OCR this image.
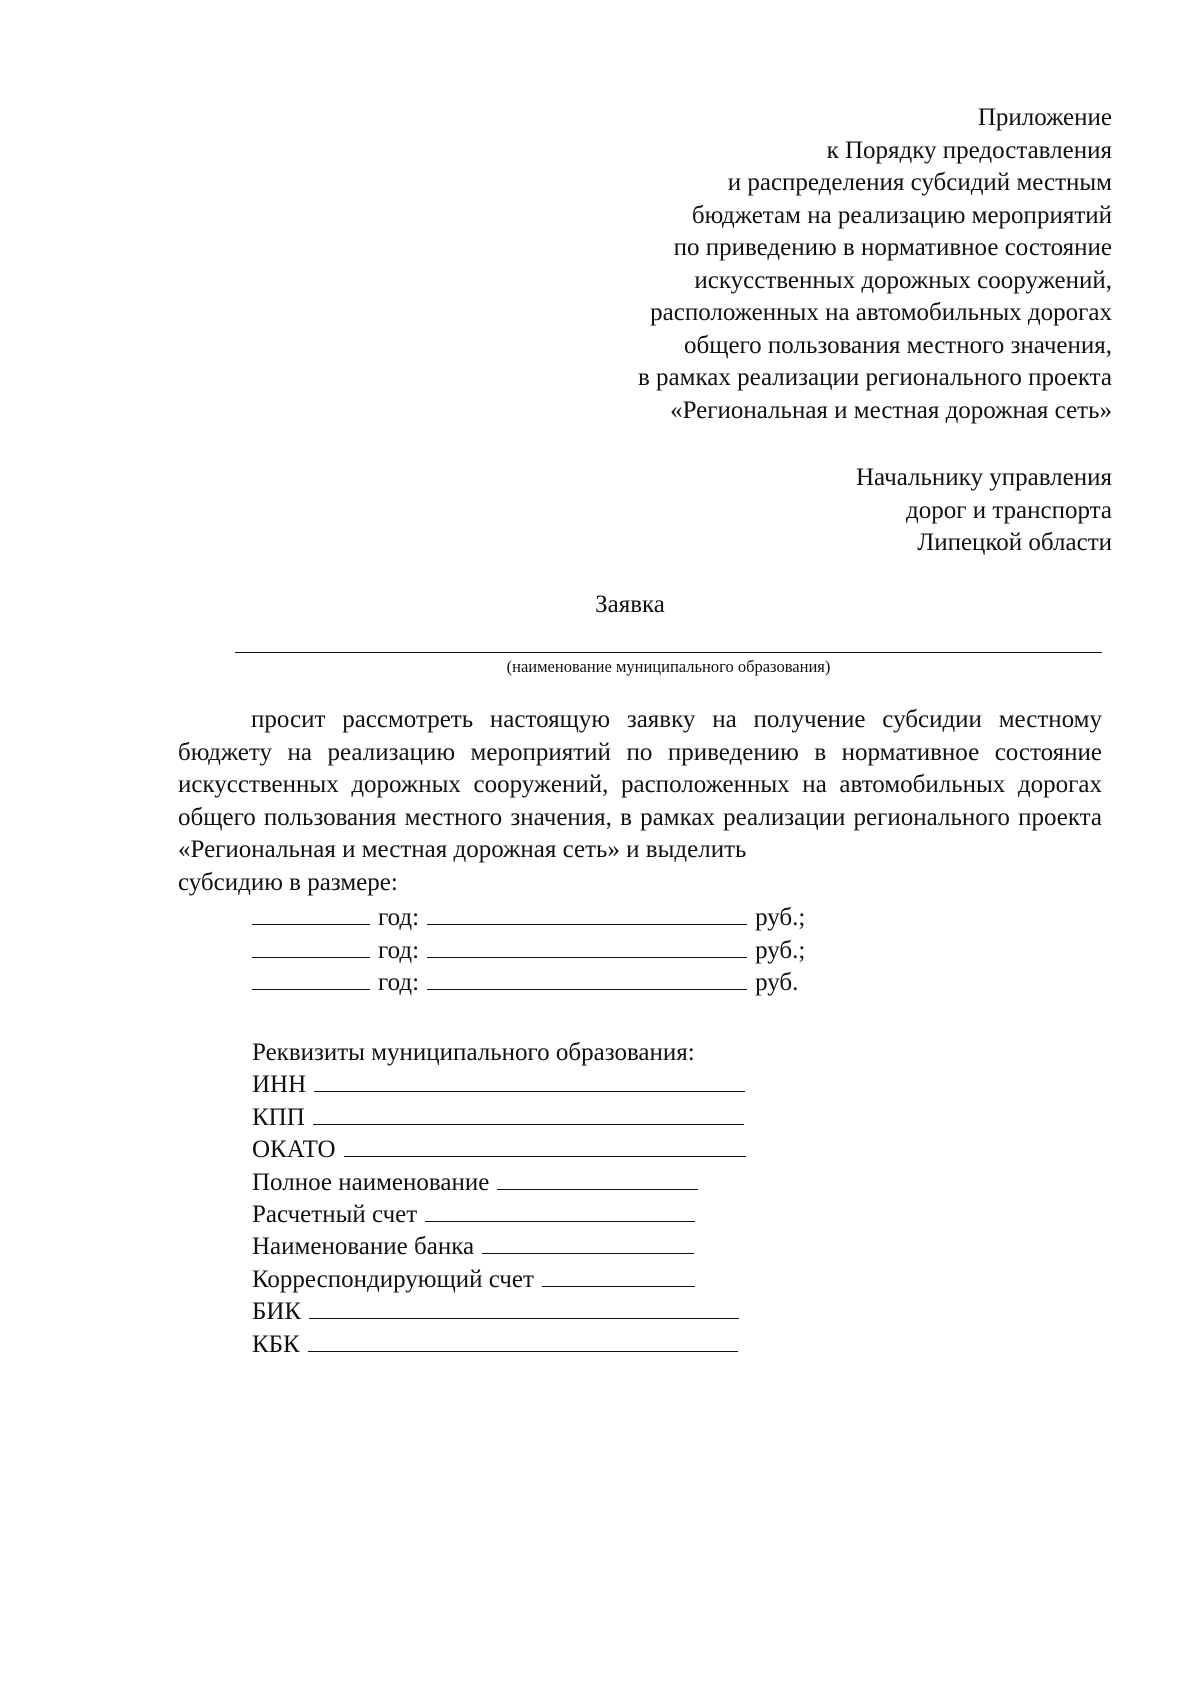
Приложение
к Порядку предоставления
и распределения субсидий местным
бюджетам на реализацию мероприятий
по приведению в нормативное состояние
искусственных дорожных сооружений,
расположенных на автомобильных дорогах
общего пользования местного значения,
в рамках реализации регионального проекта
«Региональная и местная дорожная сеть»
Начальнику управления
дорог и транспорта
Липецкой области
Заявка
(наименование муниципального образования)

просит рассмотреть настоящую заявку на получение субсидии местному бюджету на реализацию мероприятий по приведению в нормативное состояние искусственных дорожных сооружений, расположенных на автомобильных дорогах общего пользования местного значения, в рамках реализации регионального проекта «Региональная и местная дорожная сеть» и выделить

субсидию в размере:

год:	руб.;
год:	руб.;
год:	руб.
Реквизиты муниципального образования:
ИНН
КПП
ОКАТО
Полное наименование
Расчетный счет
Наименование банка
Корреспондирующий счет
БИК
КБК
